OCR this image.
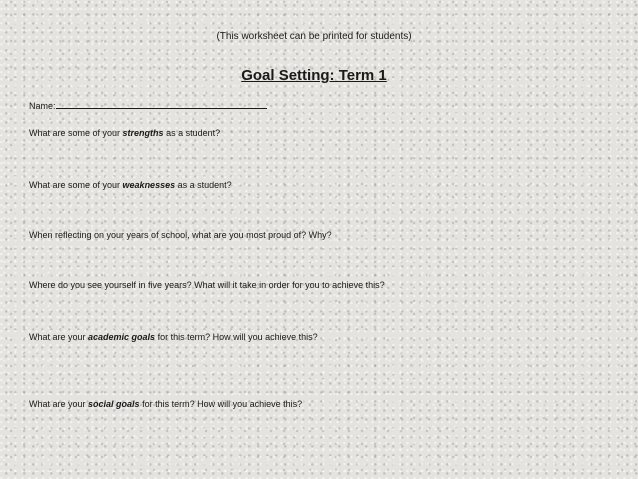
(This worksheet can be printed for students)
Goal Setting: Term 1
Name:
What are some of your strengths as a student?
What are some of your weaknesses as a student?
When reflecting on your years of school, what are you most proud of? Why?
Where do you see yourself in five years? What will it take in order for you to achieve this?
What are your academic goals for this term? How will you achieve this?
What are your social goals for this term? How will you achieve this?
